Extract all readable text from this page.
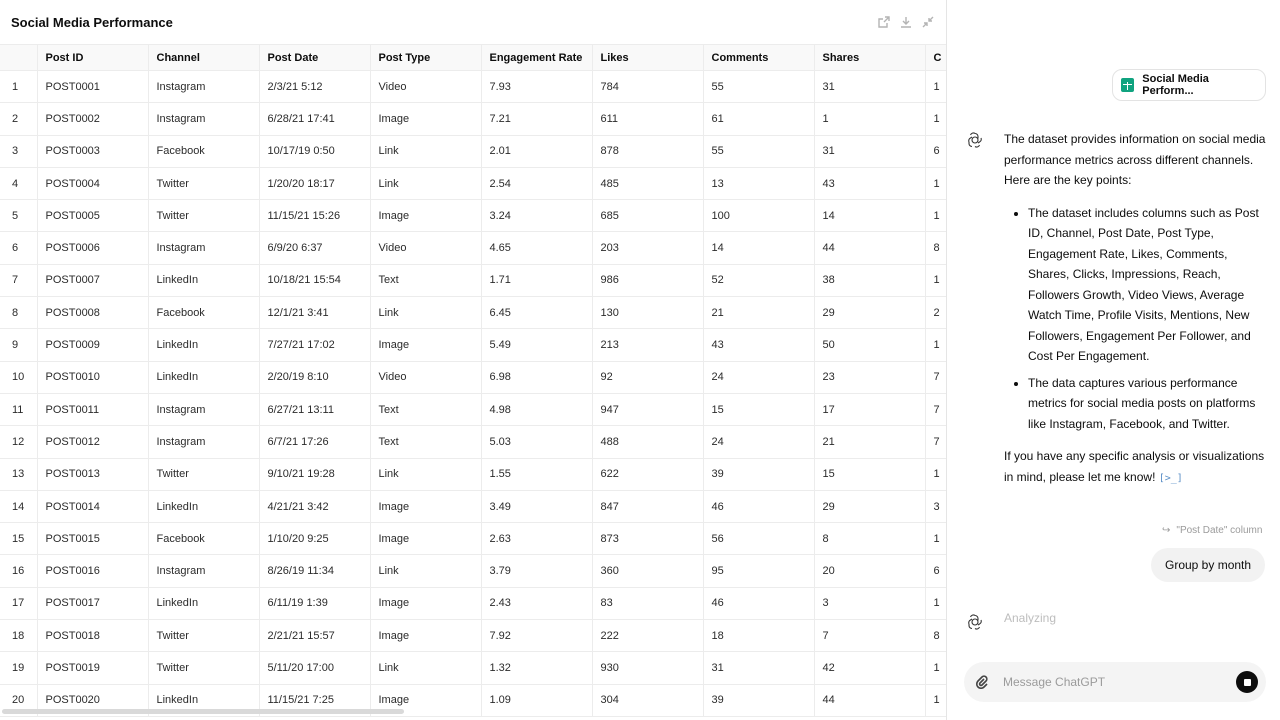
Social Media Performance
	Post ID	Channel	Post Date	Post Type	Engagement Rate	Likes	Comments	Shares	C
1	POST0001	Instagram	2/3/21 5:12	Video	7.93	784	55	31	1
2	POST0002	Instagram	6/28/21 17:41	Image	7.21	611	61	1	1
3	POST0003	Facebook	10/17/19 0:50	Link	2.01	878	55	31	6
4	POST0004	Twitter	1/20/20 18:17	Link	2.54	485	13	43	1
5	POST0005	Twitter	11/15/21 15:26	Image	3.24	685	100	14	1
6	POST0006	Instagram	6/9/20 6:37	Video	4.65	203	14	44	8
7	POST0007	LinkedIn	10/18/21 15:54	Text	1.71	986	52	38	1
8	POST0008	Facebook	12/1/21 3:41	Link	6.45	130	21	29	2
9	POST0009	LinkedIn	7/27/21 17:02	Image	5.49	213	43	50	1
10	POST0010	LinkedIn	2/20/19 8:10	Video	6.98	92	24	23	7
11	POST0011	Instagram	6/27/21 13:11	Text	4.98	947	15	17	7
12	POST0012	Instagram	6/7/21 17:26	Text	5.03	488	24	21	7
13	POST0013	Twitter	9/10/21 19:28	Link	1.55	622	39	15	1
14	POST0014	LinkedIn	4/21/21 3:42	Image	3.49	847	46	29	3
15	POST0015	Facebook	1/10/20 9:25	Image	2.63	873	56	8	1
16	POST0016	Instagram	8/26/19 11:34	Link	3.79	360	95	20	6
17	POST0017	LinkedIn	6/11/19 1:39	Image	2.43	83	46	3	1
18	POST0018	Twitter	2/21/21 15:57	Image	7.92	222	18	7	8
19	POST0019	Twitter	5/11/20 17:00	Link	1.32	930	31	42	1
20	POST0020	LinkedIn	11/15/21 7:25	Image	1.09	304	39	44	1
Social Media Perform...

The dataset provides information on social media performance metrics across different channels. Here are the key points:

• The dataset includes columns such as Post ID, Channel, Post Date, Post Type, Engagement Rate, Likes, Comments, Shares, Clicks, Impressions, Reach, Followers Growth, Video Views, Average Watch Time, Profile Visits, Mentions, New Followers, Engagement Per Follower, and Cost Per Engagement.
• The data captures various performance metrics for social media posts on platforms like Instagram, Facebook, and Twitter.

If you have any specific analysis or visualizations in mind, please let me know! [>_]

↪ "Post Date" column
Group by month
Analyzing
Message ChatGPT
